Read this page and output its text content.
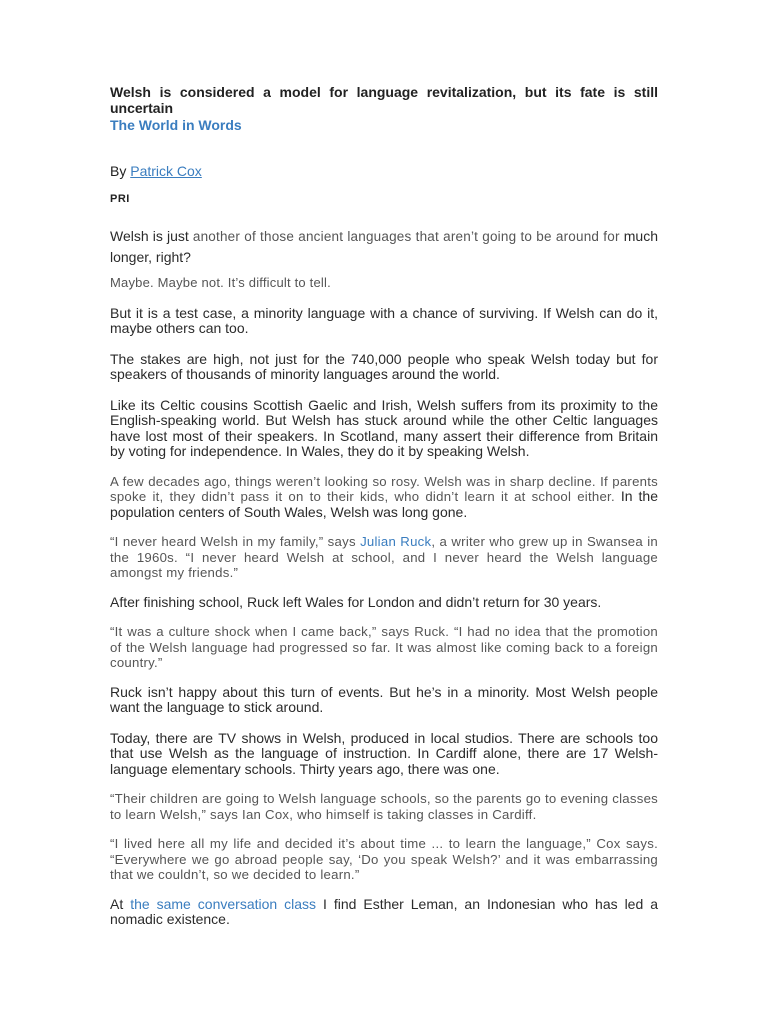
Welsh is considered a model for language revitalization, but its fate is still uncertain
The World in Words
By Patrick Cox
PRI

Welsh is just another of those ancient languages that aren’t going to be around for much longer, right?

Maybe. Maybe not. It’s difficult to tell.

But it is a test case, a minority language with a chance of surviving. If Welsh can do it, maybe others can too.

The stakes are high, not just for the 740,000 people who speak Welsh today but for speakers of thousands of minority languages around the world.

Like its Celtic cousins Scottish Gaelic and Irish, Welsh suffers from its proximity to the English-speaking world. But Welsh has stuck around while the other Celtic languages have lost most of their speakers. In Scotland, many assert their difference from Britain by voting for independence. In Wales, they do it by speaking Welsh.

A few decades ago, things weren’t looking so rosy. Welsh was in sharp decline. If parents spoke it, they didn’t pass it on to their kids, who didn’t learn it at school either. In the population centers of South Wales, Welsh was long gone.

“I never heard Welsh in my family,” says Julian Ruck, a writer who grew up in Swansea in the 1960s. “I never heard Welsh at school, and I never heard the Welsh language amongst my friends.”

After finishing school, Ruck left Wales for London and didn’t return for 30 years.

“It was a culture shock when I came back,” says Ruck. “I had no idea that the promotion of the Welsh language had progressed so far. It was almost like coming back to a foreign country.”

Ruck isn’t happy about this turn of events. But he’s in a minority. Most Welsh people want the language to stick around.

Today, there are TV shows in Welsh, produced in local studios. There are schools too that use Welsh as the language of instruction. In Cardiff alone, there are 17 Welsh-language elementary schools. Thirty years ago, there was one.

“Their children are going to Welsh language schools, so the parents go to evening classes to learn Welsh,” says Ian Cox, who himself is taking classes in Cardiff.

“I lived here all my life and decided it’s about time ... to learn the language,” Cox says. “Everywhere we go abroad people say, ‘Do you speak Welsh?’ and it was embarrassing that we couldn’t, so we decided to learn.”

At the same conversation class I find Esther Leman, an Indonesian who has led a nomadic existence.
